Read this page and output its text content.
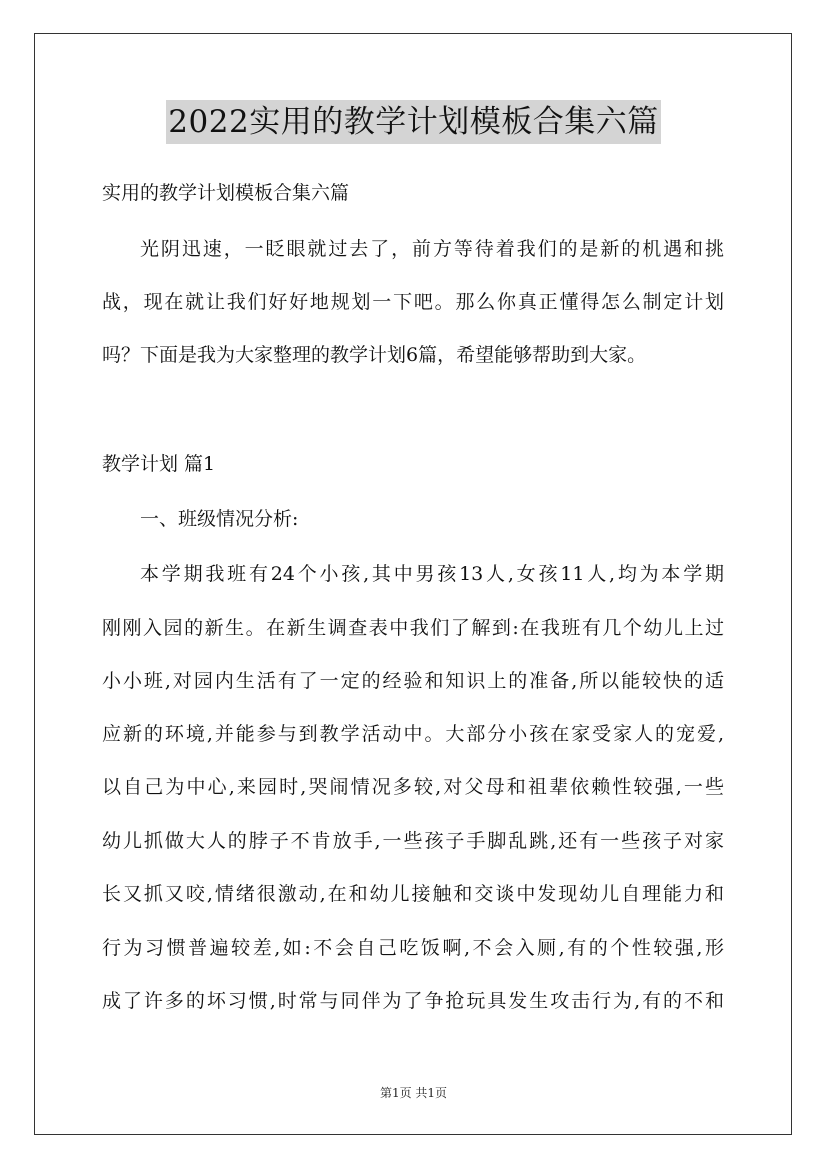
2022实用的教学计划模板合集六篇
实用的教学计划模板合集六篇
光阴迅速，一眨眼就过去了，前方等待着我们的是新的机遇和挑
战，现在就让我们好好地规划一下吧。那么你真正懂得怎么制定计划
吗？下面是我为大家整理的教学计划6篇，希望能够帮助到大家。
教学计划 篇1
一、班级情况分析:
本学期我班有24个小孩,其中男孩13人,女孩11人,均为本学期
刚刚入园的新生。在新生调查表中我们了解到:在我班有几个幼儿上过
小小班,对园内生活有了一定的经验和知识上的准备,所以能较快的适
应新的环境,并能参与到教学活动中。大部分小孩在家受家人的宠爱,
以自己为中心,来园时,哭闹情况多较,对父母和祖辈依赖性较强,一些
幼儿抓做大人的脖子不肯放手,一些孩子手脚乱跳,还有一些孩子对家
长又抓又咬,情绪很激动,在和幼儿接触和交谈中发现幼儿自理能力和
行为习惯普遍较差,如:不会自己吃饭啊,不会入厕,有的个性较强,形
成了许多的坏习惯,时常与同伴为了争抢玩具发生攻击行为,有的不和
第1页 共1页
